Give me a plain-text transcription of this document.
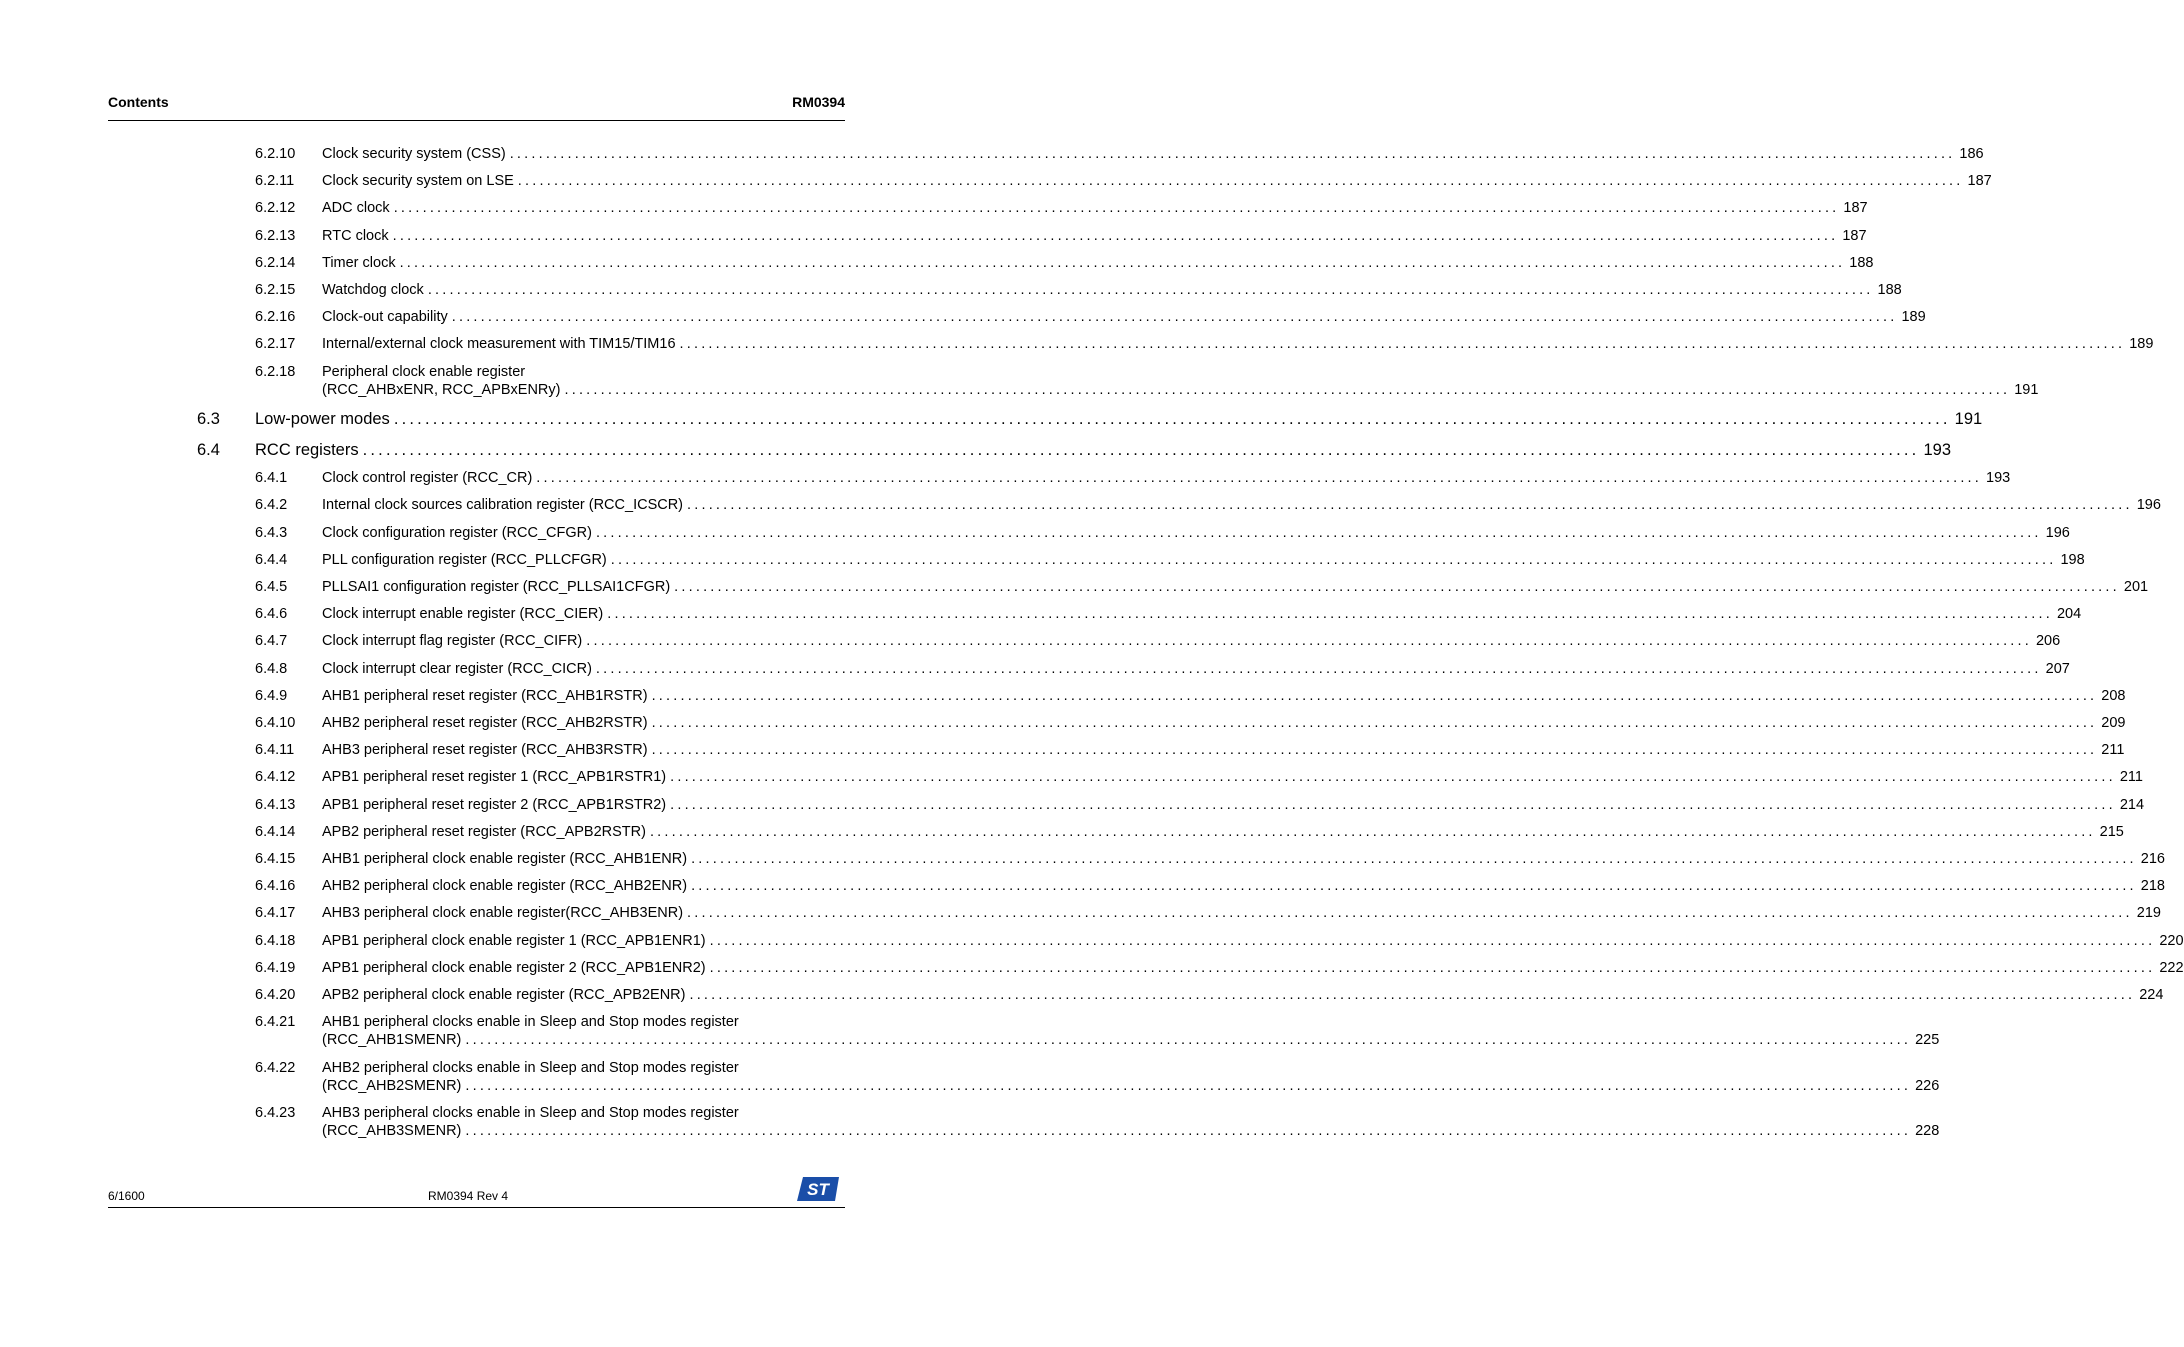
Contents	RM0394
6.2.10 Clock security system (CSS) ........................................................................................................................................................................................................ 186
6.2.11 Clock security system on LSE ........................................................................................................................................................................................................ 187
6.2.12 ADC clock ........................................................................................................................................................................................................ 187
6.2.13 RTC clock ........................................................................................................................................................................................................ 187
6.2.14 Timer clock ........................................................................................................................................................................................................ 188
6.2.15 Watchdog clock ........................................................................................................................................................................................................ 188
6.2.16 Clock-out capability ........................................................................................................................................................................................................ 189
6.2.17 Internal/external clock measurement with TIM15/TIM16 ........................................................................................................................................................................................................ 189
6.2.18 Peripheral clock enable register
(RCC_AHBxENR, RCC_APBxENRy) ........................................................................................................................................................................................................ 191
6.3 Low-power modes ........................................................................................................................................................................................................ 191
6.4 RCC registers ........................................................................................................................................................................................................ 193
6.4.1 Clock control register (RCC_CR) ........................................................................................................................................................................................................ 193
6.4.2 Internal clock sources calibration register (RCC_ICSCR) ........................................................................................................................................................................................................ 196
6.4.3 Clock configuration register (RCC_CFGR) ........................................................................................................................................................................................................ 196
6.4.4 PLL configuration register (RCC_PLLCFGR) ........................................................................................................................................................................................................ 198
6.4.5 PLLSAI1 configuration register (RCC_PLLSAI1CFGR) ........................................................................................................................................................................................................ 201
6.4.6 Clock interrupt enable register (RCC_CIER) ........................................................................................................................................................................................................ 204
6.4.7 Clock interrupt flag register (RCC_CIFR) ........................................................................................................................................................................................................ 206
6.4.8 Clock interrupt clear register (RCC_CICR) ........................................................................................................................................................................................................ 207
6.4.9 AHB1 peripheral reset register (RCC_AHB1RSTR) ........................................................................................................................................................................................................ 208
6.4.10 AHB2 peripheral reset register (RCC_AHB2RSTR) ........................................................................................................................................................................................................ 209
6.4.11 AHB3 peripheral reset register (RCC_AHB3RSTR) ........................................................................................................................................................................................................ 211
6.4.12 APB1 peripheral reset register 1 (RCC_APB1RSTR1) ........................................................................................................................................................................................................ 211
6.4.13 APB1 peripheral reset register 2 (RCC_APB1RSTR2) ........................................................................................................................................................................................................ 214
6.4.14 APB2 peripheral reset register (RCC_APB2RSTR) ........................................................................................................................................................................................................ 215
6.4.15 AHB1 peripheral clock enable register (RCC_AHB1ENR) ........................................................................................................................................................................................................ 216
6.4.16 AHB2 peripheral clock enable register (RCC_AHB2ENR) ........................................................................................................................................................................................................ 218
6.4.17 AHB3 peripheral clock enable register(RCC_AHB3ENR) ........................................................................................................................................................................................................ 219
6.4.18 APB1 peripheral clock enable register 1 (RCC_APB1ENR1) ........................................................................................................................................................................................................ 220
6.4.19 APB1 peripheral clock enable register 2 (RCC_APB1ENR2) ........................................................................................................................................................................................................ 222
6.4.20 APB2 peripheral clock enable register (RCC_APB2ENR) ........................................................................................................................................................................................................ 224
6.4.21 AHB1 peripheral clocks enable in Sleep and Stop modes register
(RCC_AHB1SMENR) ........................................................................................................................................................................................................ 225
6.4.22 AHB2 peripheral clocks enable in Sleep and Stop modes register
(RCC_AHB2SMENR) ........................................................................................................................................................................................................ 226
6.4.23 AHB3 peripheral clocks enable in Sleep and Stop modes register
(RCC_AHB3SMENR) ........................................................................................................................................................................................................ 228
6/1600	RM0394 Rev 4	ST
